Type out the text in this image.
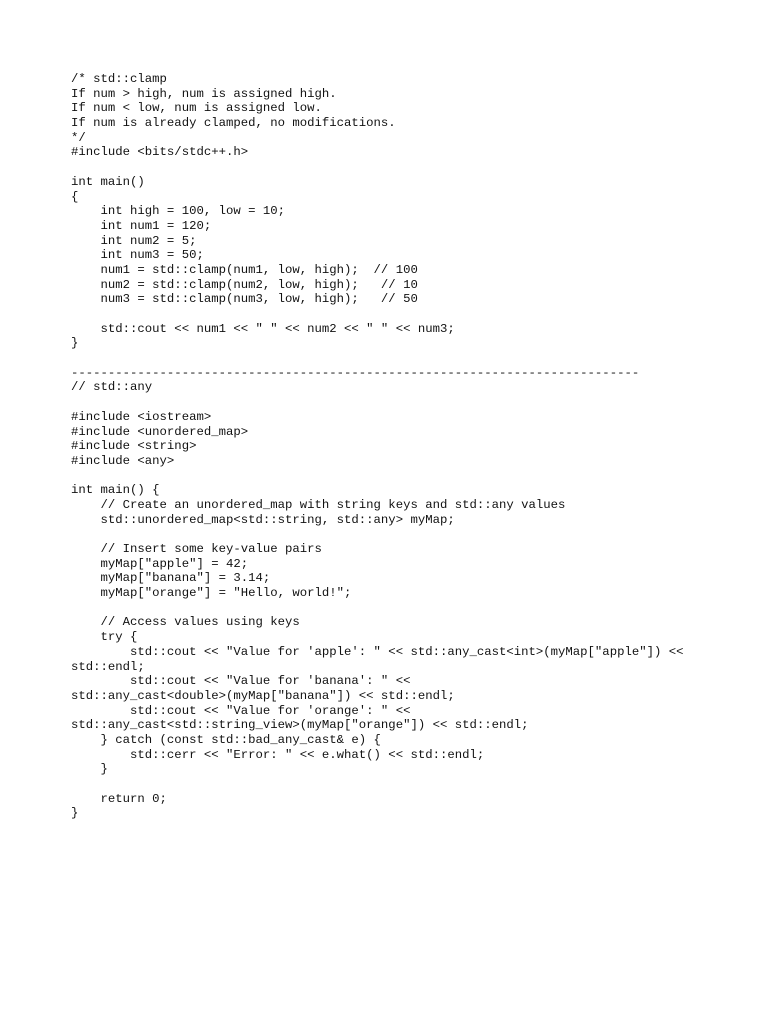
/* std::clamp
If num > high, num is assigned high.
If num < low, num is assigned low.
If num is already clamped, no modifications.
*/
#include <bits/stdc++.h>
int main()
{
int high = 100, low = 10;
int num1 = 120;
int num2 = 5;
int num3 = 50;
num1 = std::clamp(num1, low, high);  // 100
num2 = std::clamp(num2, low, high);   // 10
num3 = std::clamp(num3, low, high);   // 50
std::cout << num1 << " " << num2 << " " << num3;
}
-----------------------------------------------------------------------------
// std::any
#include <iostream>
#include <unordered_map>
#include <string>
#include <any>
int main() {
// Create an unordered_map with string keys and std::any values
std::unordered_map<std::string, std::any> myMap;
// Insert some key-value pairs
myMap["apple"] = 42;
myMap["banana"] = 3.14;
myMap["orange"] = "Hello, world!";
// Access values using keys
try {
std::cout << "Value for 'apple': " << std::any_cast<int>(myMap["apple"]) <<
std::endl;
std::cout << "Value for 'banana': " <<
std::any_cast<double>(myMap["banana"]) << std::endl;
std::cout << "Value for 'orange': " <<
std::any_cast<std::string_view>(myMap["orange"]) << std::endl;
} catch (const std::bad_any_cast& e) {
std::cerr << "Error: " << e.what() << std::endl;
}
return 0;
}
